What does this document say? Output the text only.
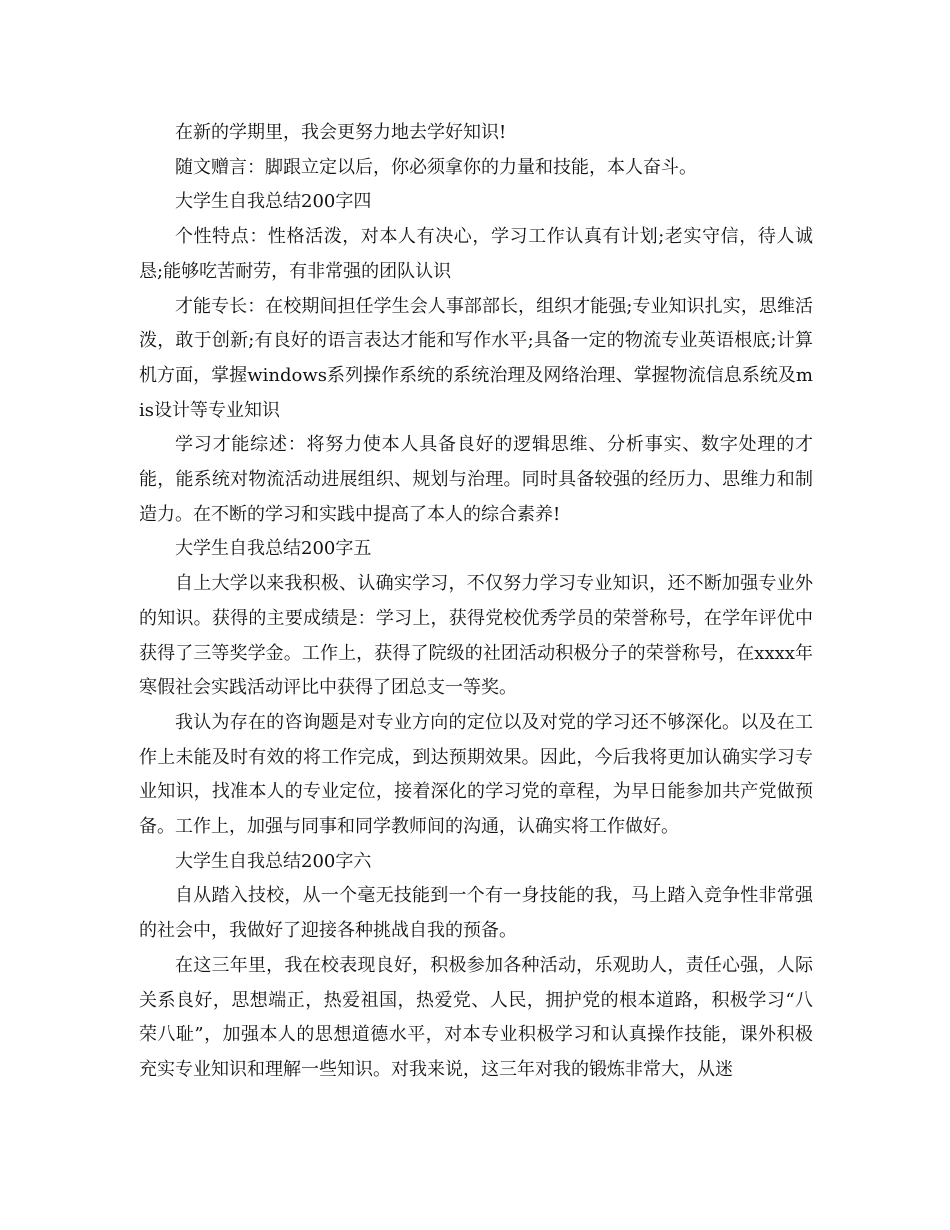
在新的学期里，我会更努力地去学好知识!

随文赠言：脚跟立定以后，你必须拿你的力量和技能，本人奋斗。

大学生自我总结200字四

个性特点：性格活泼，对本人有决心，学习工作认真有计划;老实守信，待人诚恳;能够吃苦耐劳，有非常强的团队认识

才能专长：在校期间担任学生会人事部部长，组织才能强;专业知识扎实，思维活泼，敢于创新;有良好的语言表达才能和写作水平;具备一定的物流专业英语根底;计算机方面，掌握windows系列操作系统的系统治理及网络治理、掌握物流信息系统及mis设计等专业知识

学习才能综述：将努力使本人具备良好的逻辑思维、分析事实、数字处理的才能，能系统对物流活动进展组织、规划与治理。同时具备较强的经历力、思维力和制造力。在不断的学习和实践中提高了本人的综合素养!

大学生自我总结200字五

自上大学以来我积极、认确实学习，不仅努力学习专业知识，还不断加强专业外的知识。获得的主要成绩是：学习上，获得党校优秀学员的荣誉称号，在学年评优中获得了三等奖学金。工作上，获得了院级的社团活动积极分子的荣誉称号，在xxxx年寒假社会实践活动评比中获得了团总支一等奖。

我认为存在的咨询题是对专业方向的定位以及对党的学习还不够深化。以及在工作上未能及时有效的将工作完成，到达预期效果。因此，今后我将更加认确实学习专业知识，找准本人的专业定位，接着深化的学习党的章程，为早日能参加共产党做预备。工作上，加强与同事和同学教师间的沟通，认确实将工作做好。

大学生自我总结200字六

自从踏入技校，从一个毫无技能到一个有一身技能的我，马上踏入竞争性非常强的社会中，我做好了迎接各种挑战自我的预备。

在这三年里，我在校表现良好，积极参加各种活动，乐观助人，责任心强，人际关系良好，思想端正，热爱祖国，热爱党、人民，拥护党的根本道路，积极学习“八荣八耻”，加强本人的思想道德水平，对本专业积极学习和认真操作技能，课外积极充实专业知识和理解一些知识。对我来说，这三年对我的锻炼非常大，从迷
